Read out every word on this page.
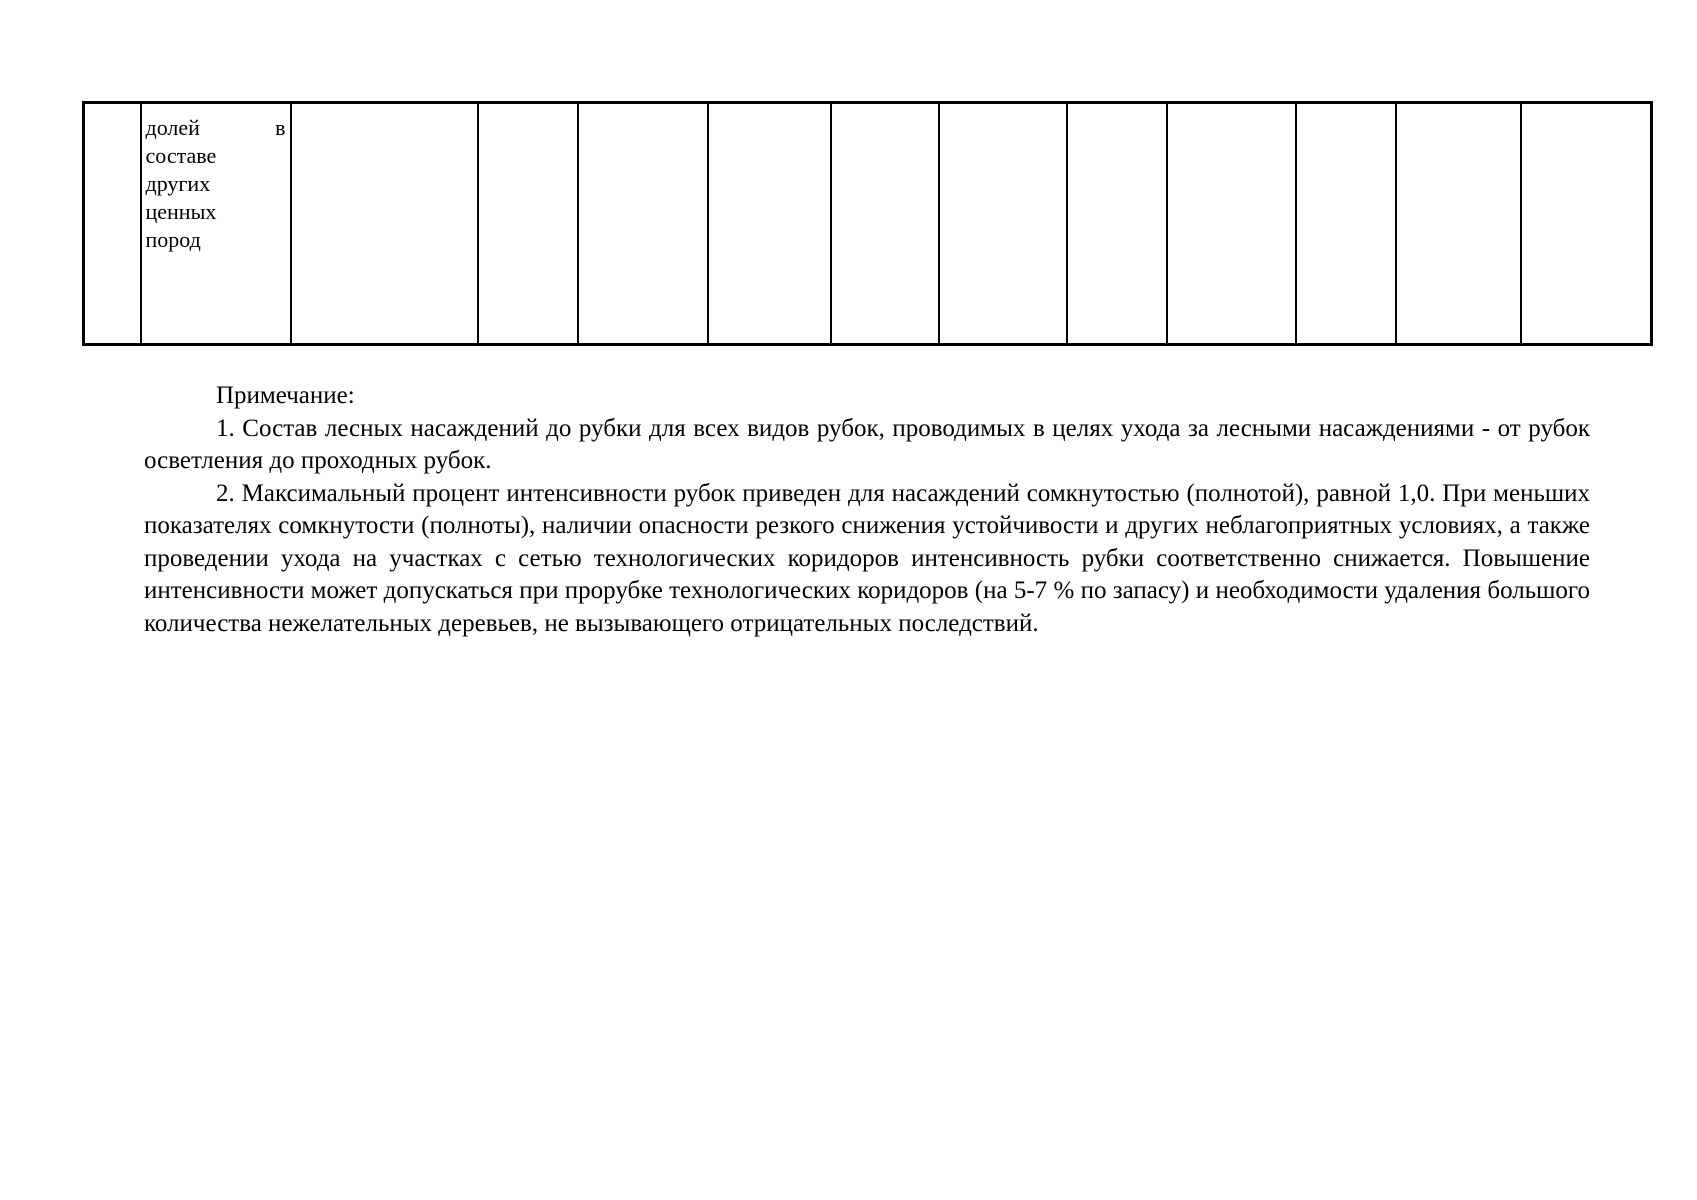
долей	в
составе
других
ценных
пород

Примечание:

1. Состав лесных насаждений до рубки для всех видов рубок, проводимых в целях ухода за лесными насаждениями - от рубок осветления до проходных рубок.

2. Максимальный процент интенсивности рубок приведен для насаждений сомкнутостью (полнотой), равной 1,0. При меньших показателях сомкнутости (полноты), наличии опасности резкого снижения устойчивости и других неблагоприятных условиях, а также проведении ухода на участках с сетью технологических коридоров интенсивность рубки соответственно снижается. Повышение интенсивности может допускаться при прорубке технологических коридоров (на 5-7 % по запасу) и необходимости удаления большого количества нежелательных деревьев, не вызывающего отрицательных последствий.
